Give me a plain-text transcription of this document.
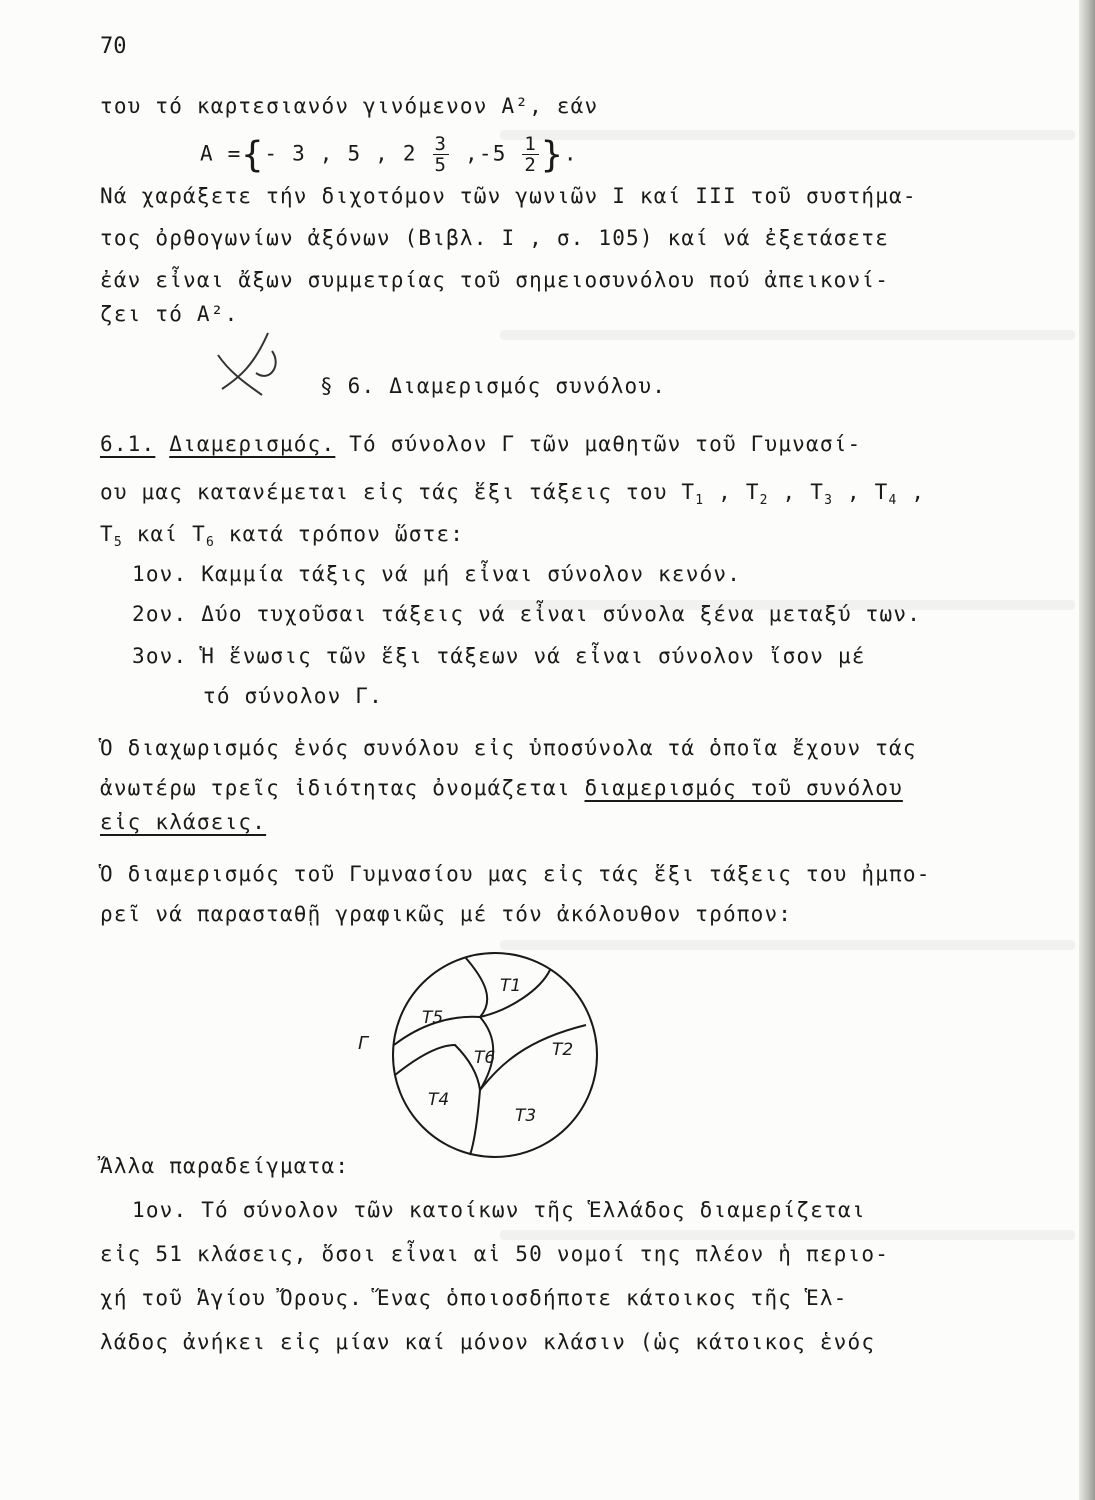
70
του τό καρτεσιανόν γινόμενον A², εάν
A ={- 3 , 5 , $2 \frac{3}{5} ,-5 \frac{1}{2}$ }.
Νά χαράξετε τήν διχοτόμον τῶν γωνιῶν I καί III τοῦ συστήμα-
τος ὀρθογωνίων ἀξόνων (Βιβλ. I , σ. 105) καί νά ἐξετάσετε
ἐάν εἶναι ἄξων συμμετρίας τοῦ σημειοσυνόλου πού ἀπεικονί-
ζει τό A².
§ 6. Διαμερισμός συνόλου.
6.1. Διαμερισμός. Τό σύνολον Γ τῶν μαθητῶν τοῦ Γυμνασί-
ου μας κατανέμεται εἰς τάς ἕξι τάξεις του $T_1$ , $T_2$ , $T_3$ , $T_4$ ,
$T_5$ καί $T_6$ κατά τρόπον ὥστε:
1ον. Καμμία τάξις νά μή εἶναι σύνολον κενόν.
2ον. Δύο τυχοῦσαι τάξεις νά εἶναι σύνολα ξένα μεταξύ των.
3ον. Ἡ ἕνωσις τῶν ἕξι τάξεων νά εἶναι σύνολον ἴσον μέ
τό σύνολον Γ.
Ὁ διαχωρισμός ἑνός συνόλου εἰς ὑποσύνολα τά ὁποῖα ἔχουν τάς
ἀνωτέρω τρεῖς ἰδιότητας ὀνομάζεται διαμερισμός τοῦ συνόλου
εἰς κλάσεις.
Ὁ διαμερισμός τοῦ Γυμνασίου μας εἰς τάς ἕξι τάξεις του ἠμπο-
ρεῖ νά παρασταθῇ γραφικῶς μέ τόν ἀκόλουθον τρόπον:
Γ
T1
T2
T3
T4
T5
T6
Ἄλλα παραδείγματα:
1ον. Τό σύνολον τῶν κατοίκων τῆς Ἑλλάδος διαμερίζεται
εἰς 51 κλάσεις, ὅσοι εἶναι αἱ 50 νομοί της πλέον ἡ περιο-
χή τοῦ Ἁγίου Ὄρους. Ἕνας ὁποιοσδήποτε κάτοικος τῆς Ἑλ-
λάδος ἀνήκει εἰς μίαν καί μόνον κλάσιν (ὡς κάτοικος ἑνός
